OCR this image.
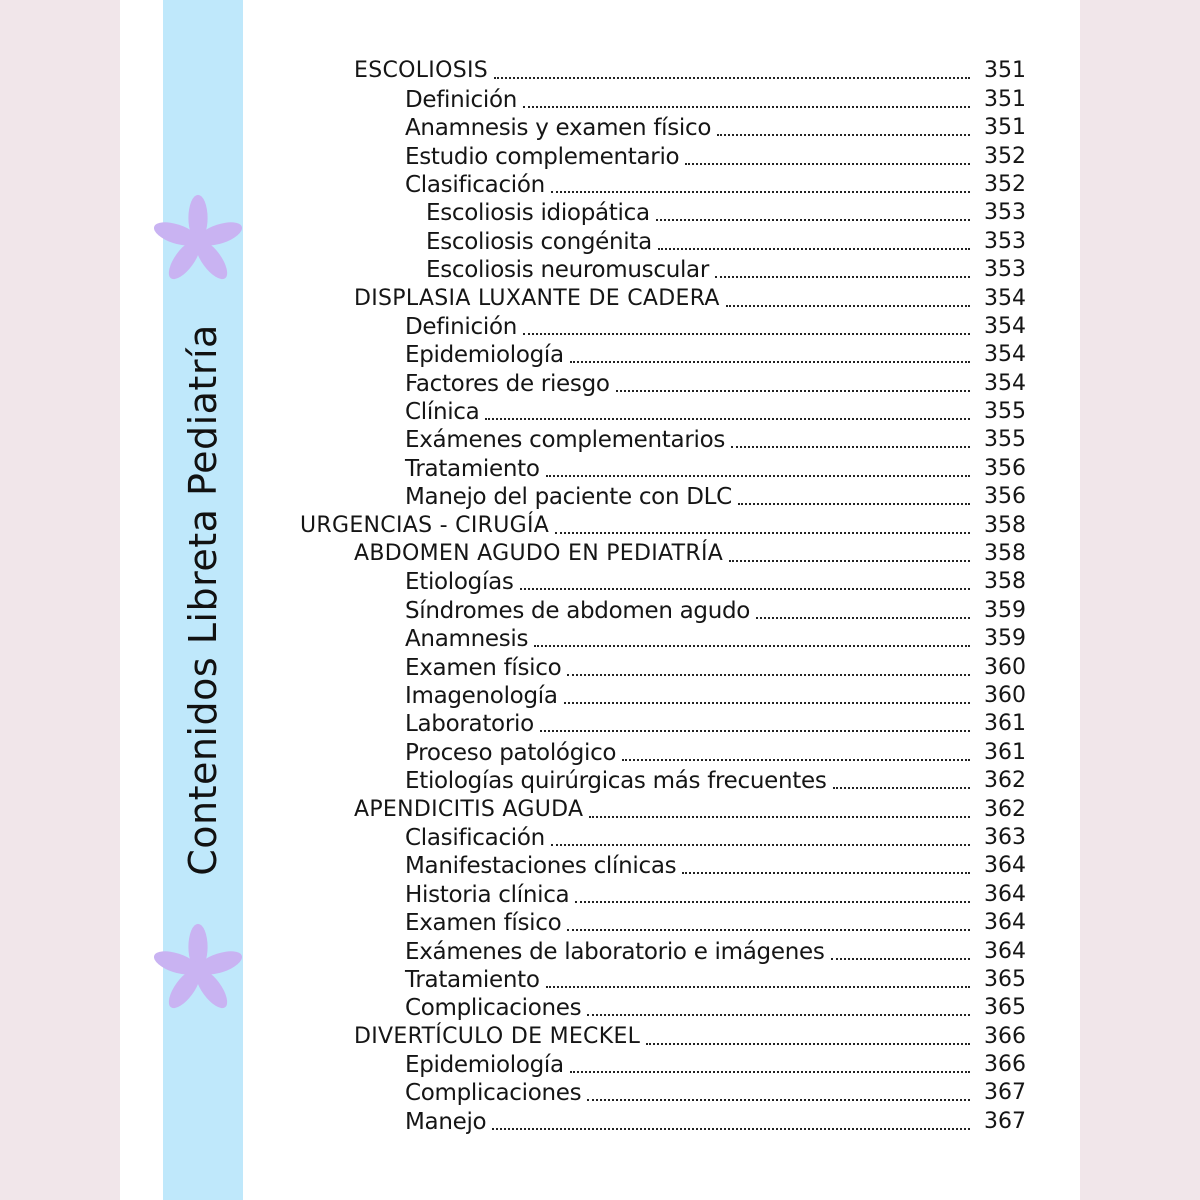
Contenidos Libreta Pediatría
ESCOLIOSIS	351
Definición	351
Anamnesis y examen físico	351
Estudio complementario	352
Clasificación	352
Escoliosis idiopática	353
Escoliosis congénita	353
Escoliosis neuromuscular	353
DISPLASIA LUXANTE DE CADERA	354
Definición	354
Epidemiología	354
Factores de riesgo	354
Clínica	355
Exámenes complementarios	355
Tratamiento	356
Manejo del paciente con DLC	356
URGENCIAS - CIRUGÍA	358
ABDOMEN AGUDO EN PEDIATRÍA	358
Etiologías	358
Síndromes de abdomen agudo	359
Anamnesis	359
Examen físico	360
Imagenología	360
Laboratorio	361
Proceso patológico	361
Etiologías quirúrgicas más frecuentes	362
APENDICITIS AGUDA	362
Clasificación	363
Manifestaciones clínicas	364
Historia clínica	364
Examen físico	364
Exámenes de laboratorio e imágenes	364
Tratamiento	365
Complicaciones	365
DIVERTÍCULO DE MECKEL	366
Epidemiología	366
Complicaciones	367
Manejo	367
